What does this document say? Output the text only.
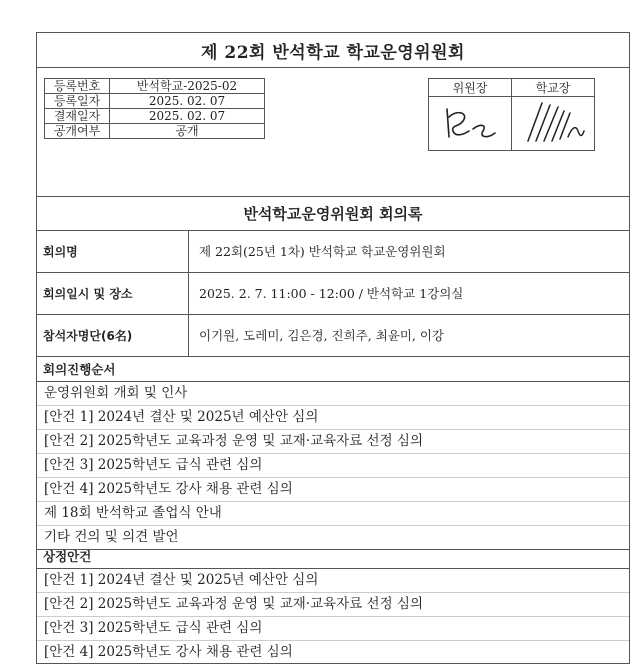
제 22회 반석학교 학교운영위원회
등록번호	반석학교-2025-02
등록일자	2025. 02. 07
결재일자	2025. 02. 07
공개여부	공개
위원장	학교장

반석학교운영위원회 회의록
회의명	제 22회(25년 1차) 반석학교 학교운영위원회
회의일시 및 장소	2025. 2. 7. 11:00 - 12:00 / 반석학교 1강의실
참석자명단(6名)	이기원, 도레미, 김은경, 진희주, 최윤미, 이강
회의진행순서
운영위원회 개회 및 인사
[안건 1] 2024년 결산 및 2025년 예산안 심의
[안건 2] 2025학년도 교육과정 운영 및 교재·교육자료 선정 심의
[안건 3] 2025학년도 급식 관련 심의
[안건 4] 2025학년도 강사 채용 관련 심의
제 18회 반석학교 졸업식 안내
기타 건의 및 의견 발언
상정안건
[안건 1] 2024년 결산 및 2025년 예산안 심의
[안건 2] 2025학년도 교육과정 운영 및 교재·교육자료 선정 심의
[안건 3] 2025학년도 급식 관련 심의
[안건 4] 2025학년도 강사 채용 관련 심의
